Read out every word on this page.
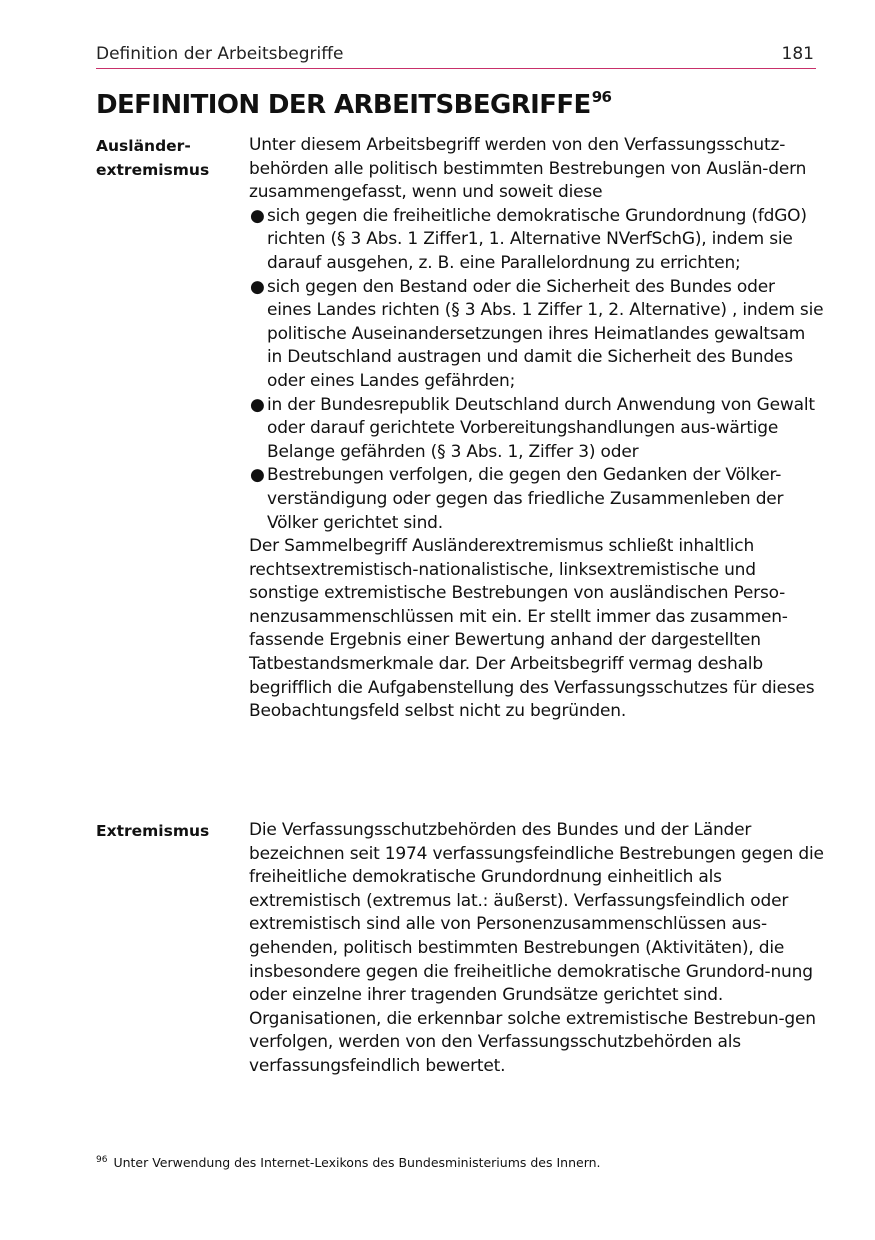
Definition der Arbeitsbegriffe	181
DEFINITION DER ARBEITSBEGRIFFE$^{96}$
Ausländer-
extremismus

Unter diesem Arbeitsbegriff werden von den Verfassungsschutz-behörden alle politisch bestimmten Bestrebungen von Auslän-dern zusammengefasst, wenn und soweit diese

● sich gegen die freiheitliche demokratische Grundordnung (fdGO) richten (§ 3 Abs. 1 Ziffer1, 1. Alternative NVerfSchG), indem sie darauf ausgehen, z. B. eine Parallelordnung zu errichten;
● sich gegen den Bestand oder die Sicherheit des Bundes oder eines Landes richten (§ 3 Abs. 1 Ziffer 1, 2. Alternative) , indem sie politische Auseinandersetzungen ihres Heimatlandes gewaltsam in Deutschland austragen und damit die Sicherheit des Bundes oder eines Landes gefährden;
● in der Bundesrepublik Deutschland durch Anwendung von Gewalt oder darauf gerichtete Vorbereitungshandlungen aus-wärtige Belange gefährden (§ 3 Abs. 1, Ziffer 3) oder
● Bestrebungen verfolgen, die gegen den Gedanken der Völker-verständigung oder gegen das friedliche Zusammenleben der Völker gerichtet sind.

Der Sammelbegriff Ausländerextremismus schließt inhaltlich rechtsextremistisch-nationalistische, linksextremistische und sonstige extremistische Bestrebungen von ausländischen Perso-nenzusammenschlüssen mit ein. Er stellt immer das zusammen-fassende Ergebnis einer Bewertung anhand der dargestellten Tatbestandsmerkmale dar. Der Arbeitsbegriff vermag deshalb begrifflich die Aufgabenstellung des Verfassungsschutzes für dieses Beobachtungsfeld selbst nicht zu begründen.

Extremismus	Die Verfassungsschutzbehörden des Bundes und der Länder bezeichnen seit 1974 verfassungsfeindliche Bestrebungen gegen die freiheitliche demokratische Grundordnung einheitlich als extremistisch (extremus lat.: äußerst). Verfassungsfeindlich oder extremistisch sind alle von Personenzusammenschlüssen aus-gehenden, politisch bestimmten Bestrebungen (Aktivitäten), die insbesondere gegen die freiheitliche demokratische Grundord-nung oder einzelne ihrer tragenden Grundsätze gerichtet sind. Organisationen, die erkennbar solche extremistische Bestrebun-gen verfolgen, werden von den Verfassungsschutzbehörden als verfassungsfeindlich bewertet.

$^{96}$ Unter Verwendung des Internet-Lexikons des Bundesministeriums des Innern.
